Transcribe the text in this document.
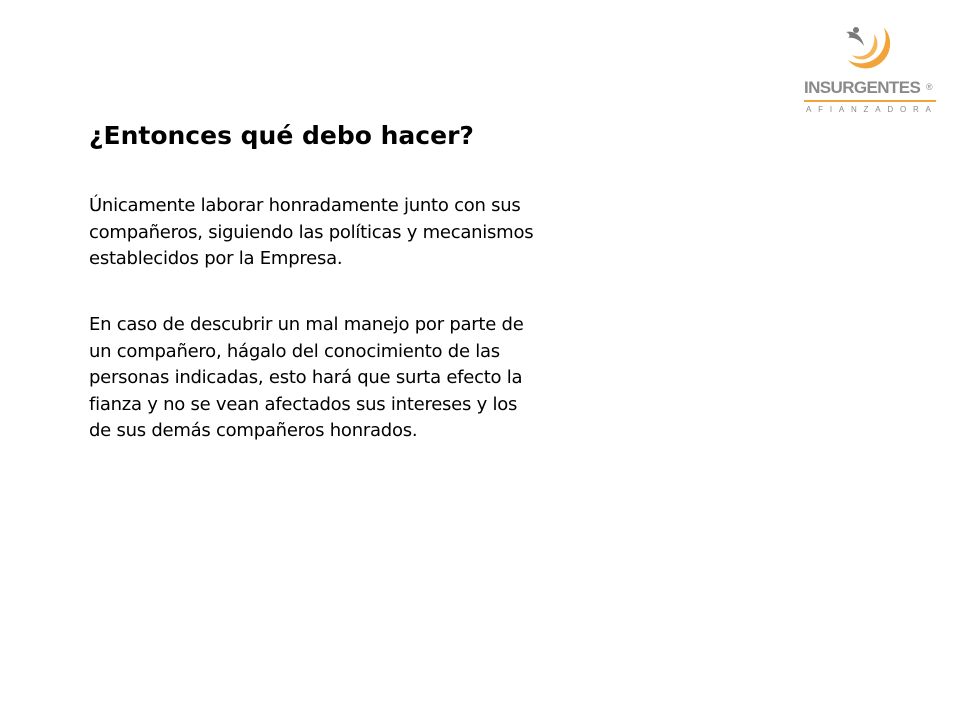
INSURGENTES ®
AFIANZADORA
¿Entonces qué debo hacer?

Únicamente laborar honradamente junto con sus
compañeros, siguiendo las políticas y mecanismos
establecidos por la Empresa.

En caso de descubrir un mal manejo por parte de
un compañero, hágalo del conocimiento de las
personas indicadas, esto hará que surta efecto la
fianza y no se vean afectados sus intereses y los
de sus demás compañeros honrados.
